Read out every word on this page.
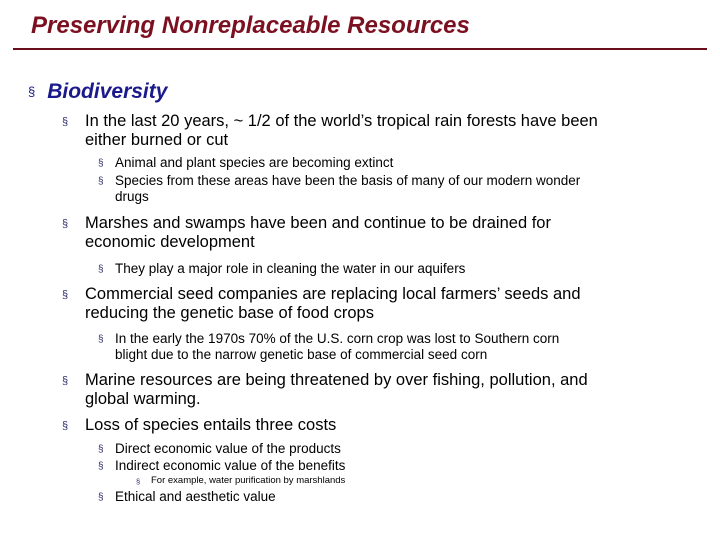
Preserving Nonreplaceable Resources
§ Biodiversity
§ In the last 20 years, ~ 1/2 of the world’s tropical rain forests have been
either burned or cut
§ Animal and plant species are becoming extinct
§ Species from these areas have been the basis of many of our modern wonder
drugs
§ Marshes and swamps have been and continue to be drained for
economic development
§ They play a major role in cleaning the water in our aquifers
§ Commercial seed companies are replacing local farmers’ seeds and
reducing the genetic base of food crops
§ In the early the 1970s 70% of the U.S. corn crop was lost to Southern corn
blight due to the narrow genetic base of commercial seed corn
§ Marine resources are being threatened by over fishing, pollution, and
global warming.
§ Loss of species entails three costs
§ Direct economic value of the products
§ Indirect economic value of the benefits
§ For example, water purification by marshlands
§ Ethical and aesthetic value
